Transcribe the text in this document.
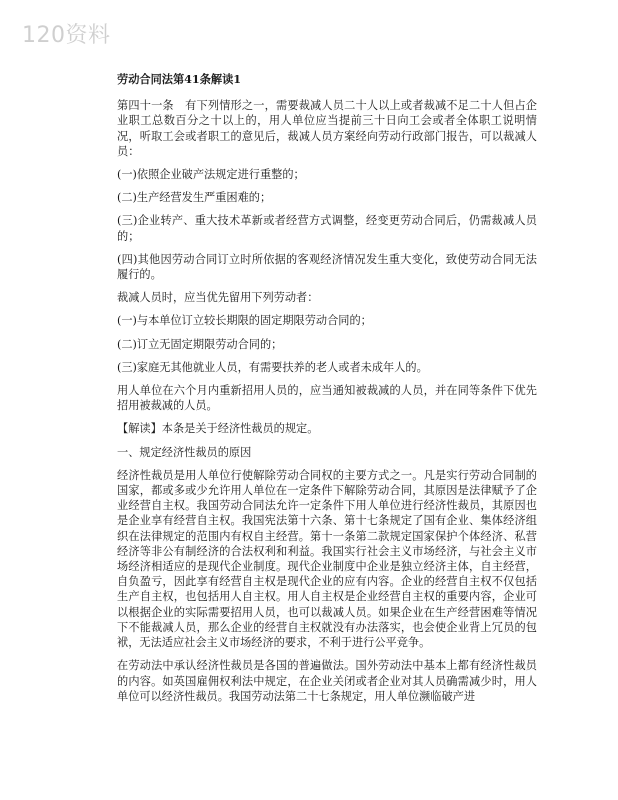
120资料
劳动合同法第41条解读1

第四十一条　有下列情形之一，需要裁减人员二十人以上或者裁减不足二十人但占企业职工总数百分之十以上的，用人单位应当提前三十日向工会或者全体职工说明情况，听取工会或者职工的意见后，裁减人员方案经向劳动行政部门报告，可以裁减人员：

(一)依照企业破产法规定进行重整的；

(二)生产经营发生严重困难的；

(三)企业转产、重大技术革新或者经营方式调整，经变更劳动合同后，仍需裁减人员的；

(四)其他因劳动合同订立时所依据的客观经济情况发生重大变化，致使劳动合同无法履行的。

裁减人员时，应当优先留用下列劳动者：

(一)与本单位订立较长期限的固定期限劳动合同的；

(二)订立无固定期限劳动合同的；

(三)家庭无其他就业人员，有需要扶养的老人或者未成年人的。

用人单位在六个月内重新招用人员的，应当通知被裁减的人员，并在同等条件下优先招用被裁减的人员。

【解读】本条是关于经济性裁员的规定。

一、规定经济性裁员的原因

经济性裁员是用人单位行使解除劳动合同权的主要方式之一。凡是实行劳动合同制的国家，都或多或少允许用人单位在一定条件下解除劳动合同，其原因是法律赋予了企业经营自主权。我国劳动合同法允许一定条件下用人单位进行经济性裁员，其原因也是企业享有经营自主权。我国宪法第十六条、第十七条规定了国有企业、集体经济组织在法律规定的范围内有权自主经营。第十一条第二款规定国家保护个体经济、私营经济等非公有制经济的合法权利和利益。我国实行社会主义市场经济，与社会主义市场经济相适应的是现代企业制度。现代企业制度中企业是独立经济主体，自主经营，自负盈亏，因此享有经营自主权是现代企业的应有内容。企业的经营自主权不仅包括生产自主权，也包括用人自主权。用人自主权是企业经营自主权的重要内容，企业可以根据企业的实际需要招用人员，也可以裁减人员。如果企业在生产经营困难等情况下不能裁减人员，那么企业的经营自主权就没有办法落实，也会使企业背上冗员的包袱，无法适应社会主义市场经济的要求，不利于进行公平竞争。

在劳动法中承认经济性裁员是各国的普遍做法。国外劳动法中基本上都有经济性裁员的内容。如英国雇佣权利法中规定，在企业关闭或者企业对其人员确需减少时，用人单位可以经济性裁员。我国劳动法第二十七条规定，用人单位濒临破产进
